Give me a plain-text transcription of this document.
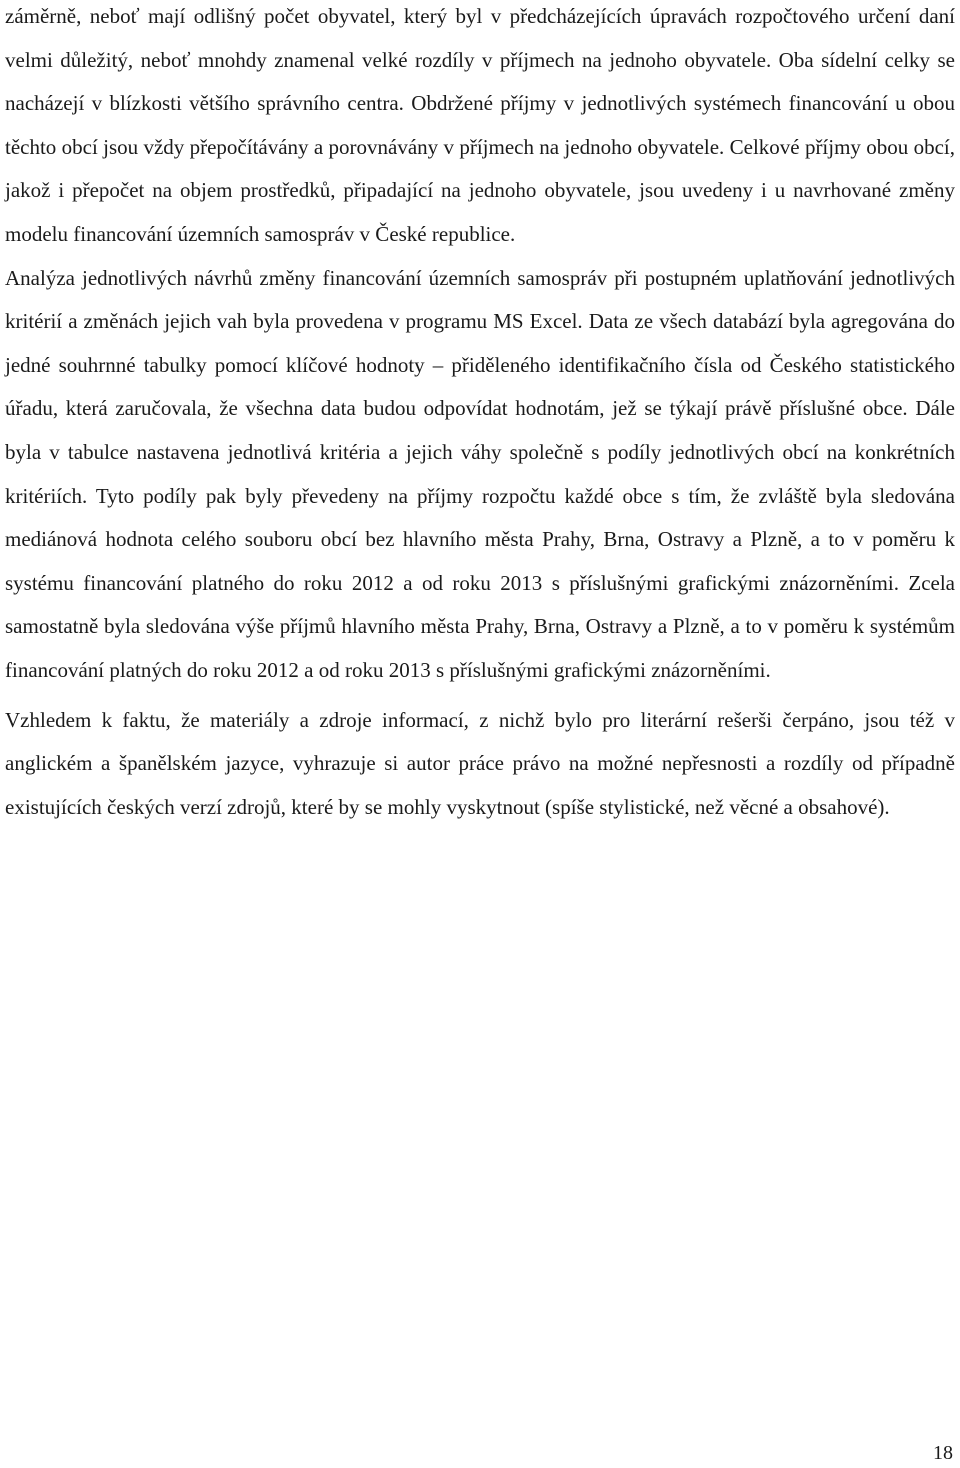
záměrně, neboť mají odlišný počet obyvatel, který byl v předcházejících úpravách rozpočtového určení daní velmi důležitý, neboť mnohdy znamenal velké rozdíly v příjmech na jednoho obyvatele. Oba sídelní celky se nacházejí v blízkosti většího správního centra. Obdržené příjmy v jednotlivých systémech financování u obou těchto obcí jsou vždy přepočítávány a porovnávány v příjmech na jednoho obyvatele. Celkové příjmy obou obcí, jakož i přepočet na objem prostředků, připadající na jednoho obyvatele, jsou uvedeny i u navrhované změny modelu financování územních samospráv v České republice.

Analýza jednotlivých návrhů změny financování územních samospráv při postupném uplatňování jednotlivých kritérií a změnách jejich vah byla provedena v programu MS Excel. Data ze všech databází byla agregována do jedné souhrnné tabulky pomocí klíčové hodnoty – přiděleného identifikačního čísla od Českého statistického úřadu, která zaručovala, že všechna data budou odpovídat hodnotám, jež se týkají právě příslušné obce. Dále byla v tabulce nastavena jednotlivá kritéria a jejich váhy společně s podíly jednotlivých obcí na konkrétních kritériích. Tyto podíly pak byly převedeny na příjmy rozpočtu každé obce s tím, že zvláště byla sledována mediánová hodnota celého souboru obcí bez hlavního města Prahy, Brna, Ostravy a Plzně, a to v poměru k systému financování platného do roku 2012 a od roku 2013 s příslušnými grafickými znázorněními. Zcela samostatně byla sledována výše příjmů hlavního města Prahy, Brna, Ostravy a Plzně, a to v poměru k systémům financování platných do roku 2012 a od roku 2013 s příslušnými grafickými znázorněními.

Vzhledem k faktu, že materiály a zdroje informací, z nichž bylo pro literární rešerši čerpáno, jsou též v anglickém a španělském jazyce, vyhrazuje si autor práce právo na možné nepřesnosti a rozdíly od případně existujících českých verzí zdrojů, které by se mohly vyskytnout (spíše stylistické, než věcné a obsahové).

18
